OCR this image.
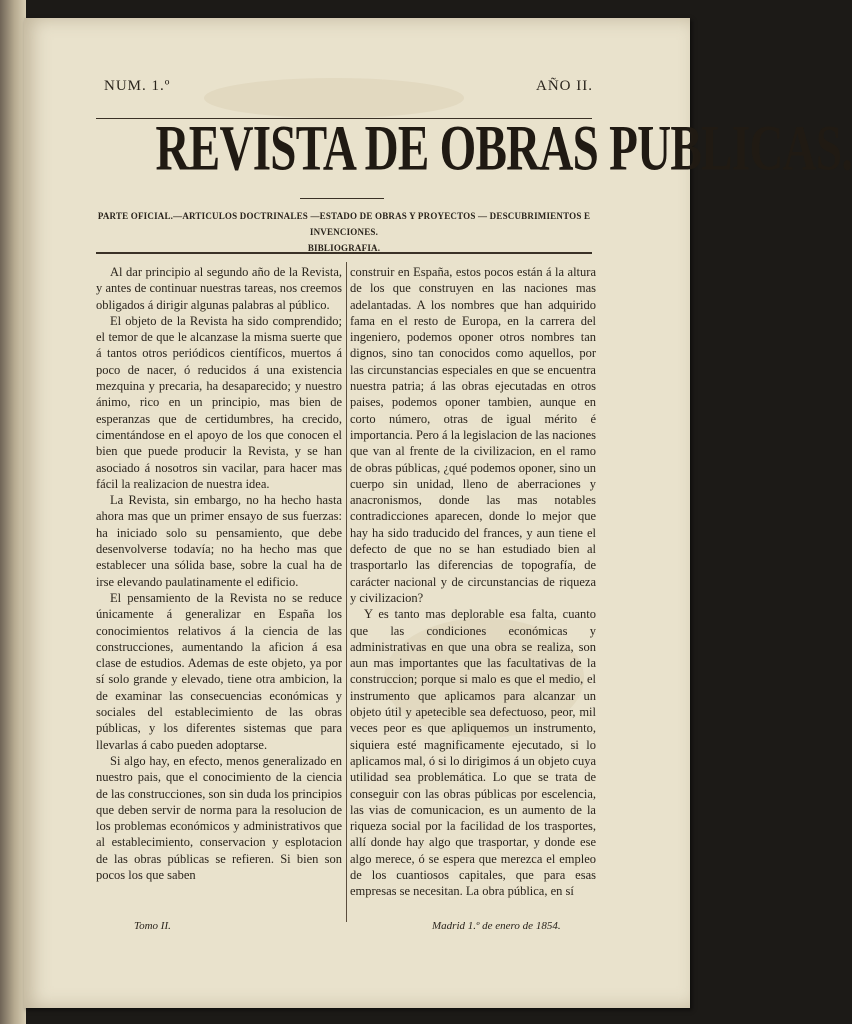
NUM. 1.º	AÑO II.
REVISTA DE OBRAS PUBLICAS.
PARTE OFICIAL.—ARTICULOS DOCTRINALES —ESTADO DE OBRAS Y PROYECTOS — DESCUBRIMIENTOS E INVENCIONES.
BIBLIOGRAFIA.

Al dar principio al segundo año de la Revista, y antes de continuar nuestras tareas, nos creemos obligados á dirigir algunas palabras al público.

El objeto de la Revista ha sido comprendido; el temor de que le alcanzase la misma suerte que á tantos otros periódicos científicos, muertos á poco de nacer, ó reducidos á una existencia mezquina y precaria, ha desaparecido; y nuestro ánimo, rico en un principio, mas bien de esperanzas que de certidumbres, ha crecido, cimentándose en el apoyo de los que conocen el bien que puede producir la Revista, y se han asociado á nosotros sin vacilar, para hacer mas fácil la realizacion de nuestra idea.

La Revista, sin embargo, no ha hecho hasta ahora mas que un primer ensayo de sus fuerzas: ha iniciado solo su pensamiento, que debe desenvolverse todavía; no ha hecho mas que establecer una sólida base, sobre la cual ha de irse elevando paulatinamente el edificio.

El pensamiento de la Revista no se reduce únicamente á generalizar en España los conocimientos relativos á la ciencia de las construcciones, aumentando la aficion á esa clase de estudios. Ademas de este objeto, ya por sí solo grande y elevado, tiene otra ambicion, la de examinar las consecuencias económicas y sociales del establecimiento de las obras públicas, y los diferentes sistemas que para llevarlas á cabo pueden adoptarse.

Si algo hay, en efecto, menos generalizado en nuestro pais, que el conocimiento de la ciencia de las construcciones, son sin duda los principios que deben servir de norma para la resolucion de los problemas económicos y administrativos que al establecimiento, conservacion y esplotacion de las obras públicas se refieren. Si bien son pocos los que saben

construir en España, estos pocos están á la altura de los que construyen en las naciones mas adelantadas. A los nombres que han adquirido fama en el resto de Europa, en la carrera del ingeniero, podemos oponer otros nombres tan dignos, sino tan conocidos como aquellos, por las circunstancias especiales en que se encuentra nuestra patria; á las obras ejecutadas en otros paises, podemos oponer tambien, aunque en corto número, otras de igual mérito é importancia. Pero á la legislacion de las naciones que van al frente de la civilizacion, en el ramo de obras públicas, ¿qué podemos oponer, sino un cuerpo sin unidad, lleno de aberraciones y anacronismos, donde las mas notables contradicciones aparecen, donde lo mejor que hay ha sido traducido del frances, y aun tiene el defecto de que no se han estudiado bien al trasportarlo las diferencias de topografía, de carácter nacional y de circunstancias de riqueza y civilizacion?

Y es tanto mas deplorable esa falta, cuanto que las condiciones económicas y administrativas en que una obra se realiza, son aun mas importantes que las facultativas de la construccion; porque si malo es que el medio, el instrumento que aplicamos para alcanzar un objeto útil y apetecible sea defectuoso, peor, mil veces peor es que apliquemos un instrumento, siquiera esté magnificamente ejecutado, si lo aplicamos mal, ó si lo dirigimos á un objeto cuya utilidad sea problemática. Lo que se trata de conseguir con las obras públicas por escelencia, las vias de comunicacion, es un aumento de la riqueza social por la facilidad de los trasportes, allí donde hay algo que trasportar, y donde ese algo merece, ó se espera que merezca el empleo de los cuantiosos capitales, que para esas empresas se necesitan. La obra pública, en sí

Tomo II.	Madrid 1.º de enero de 1854.
